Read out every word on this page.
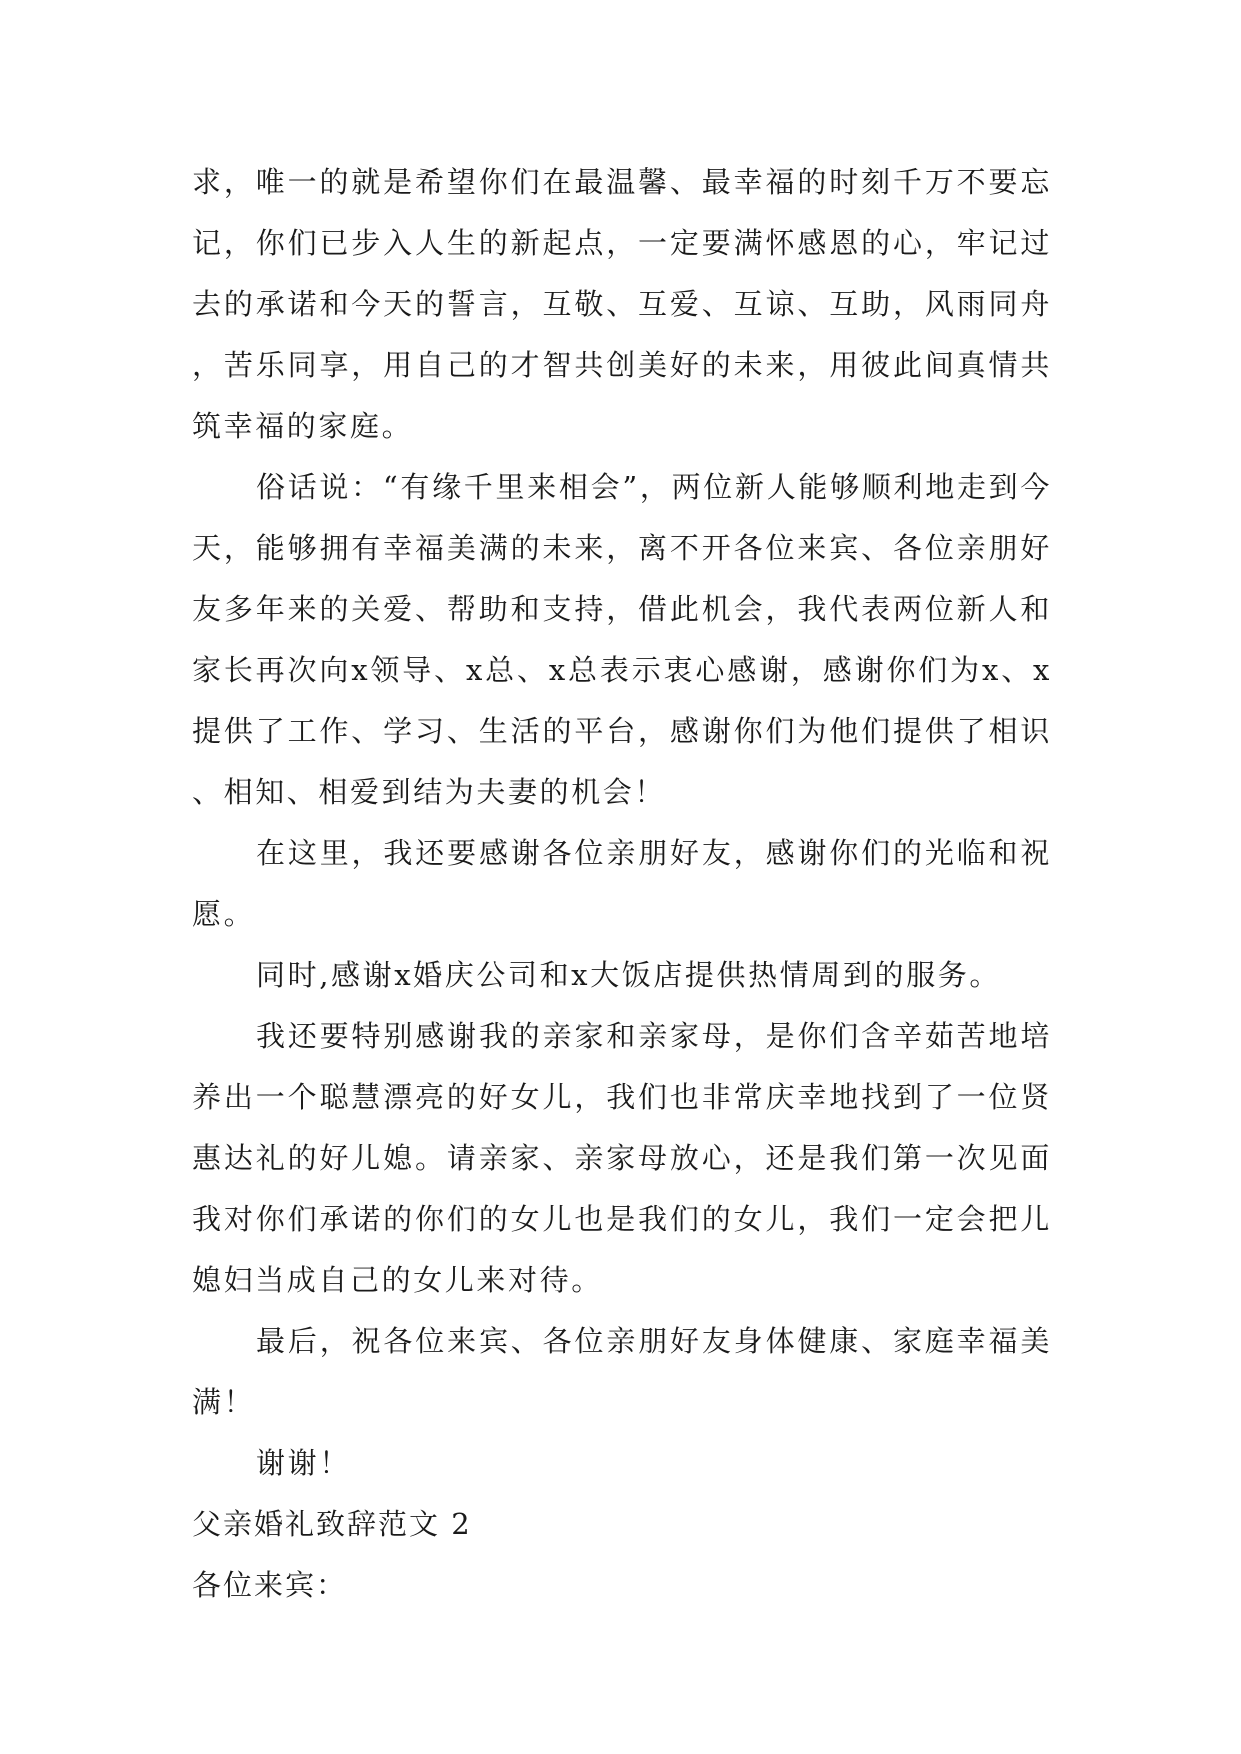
求，唯一的就是希望你们在最温馨、最幸福的时刻千万不要忘记，你们已步入人生的新起点，一定要满怀感恩的心，牢记过去的承诺和今天的誓言，互敬、互爱、互谅、互助，风雨同舟，苦乐同享，用自己的才智共创美好的未来，用彼此间真情共筑幸福的家庭。

俗话说：“有缘千里来相会”，两位新人能够顺利地走到今天，能够拥有幸福美满的未来，离不开各位来宾、各位亲朋好友多年来的关爱、帮助和支持，借此机会，我代表两位新人和家长再次向x领导、x总、x总表示衷心感谢，感谢你们为x、x提供了工作、学习、生活的平台，感谢你们为他们提供了相识、相知、相爱到结为夫妻的机会！

在这里，我还要感谢各位亲朋好友，感谢你们的光临和祝愿。

同时,感谢x婚庆公司和x大饭店提供热情周到的服务。

我还要特别感谢我的亲家和亲家母，是你们含辛茹苦地培养出一个聪慧漂亮的好女儿，我们也非常庆幸地找到了一位贤惠达礼的好儿媳。请亲家、亲家母放心，还是我们第一次见面我对你们承诺的你们的女儿也是我们的女儿，我们一定会把儿媳妇当成自己的女儿来对待。

最后，祝各位来宾、各位亲朋好友身体健康、家庭幸福美满！

谢谢！

父亲婚礼致辞范文 2

各位来宾：
